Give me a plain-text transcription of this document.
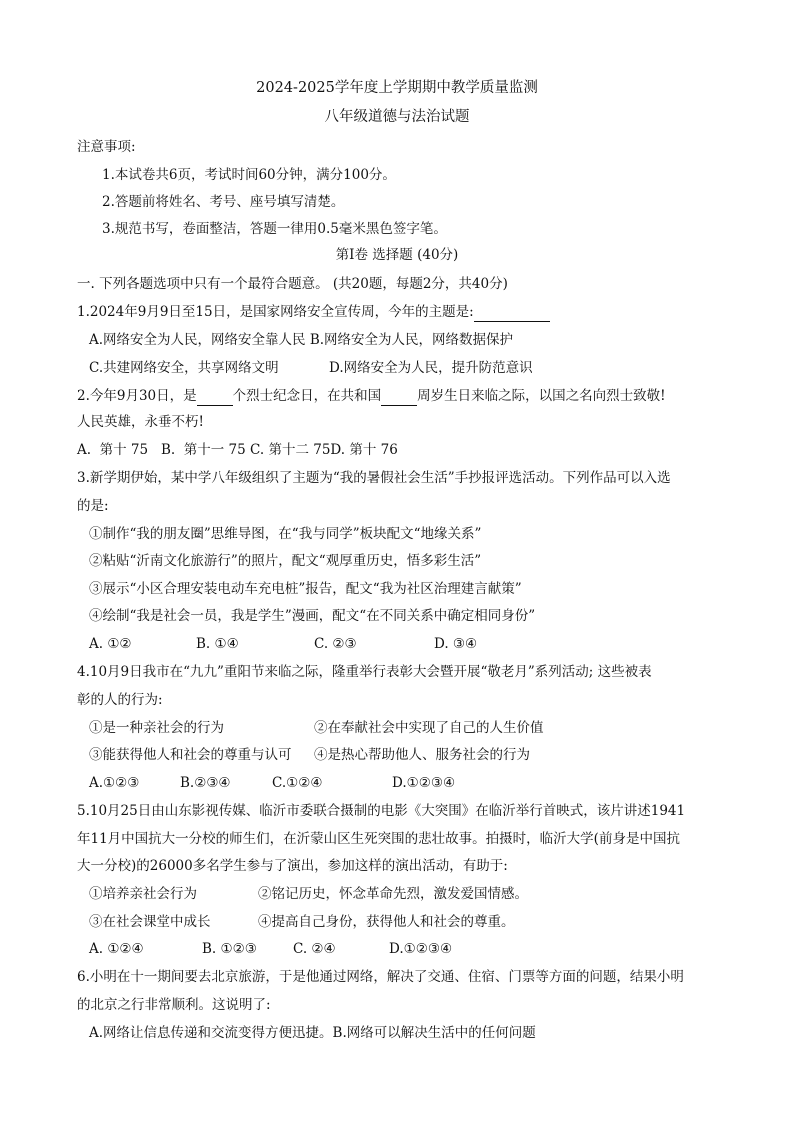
2024-2025学年度上学期期中教学质量监测
八年级道德与法治试题
注意事项:
1.本试卷共6页，考试时间60分钟，满分100分。
2.答题前将姓名、考号、座号填写清楚。
3.规范书写，卷面整洁，答题一律用0.5毫米黑色签字笔。
第Ⅰ卷 选择题 (40分)
一. 下列各题选项中只有一个最符合题意。 (共20题，每题2分，共40分)
1.2024年9月9日至15日，是国家网络安全宣传周，今年的主题是:
A.网络安全为人民，网络安全靠人民 B.网络安全为人民，网络数据保护
C.共建网络安全，共享网络文明	D.网络安全为人民，提升防范意识
2.今年9月30日，是	个烈士纪念日，在共和国	周岁生日来临之际，以国之名向烈士致敬!
人民英雄，永垂不朽!
A.  第十 75   B.  第十一 75 C. 第十二 75D. 第十 76
3.新学期伊始，某中学八年级组织了主题为“我的暑假社会生活”手抄报评选活动。下列作品可以入选
的是:
①制作“我的朋友圈”思维导图，在“我与同学”板块配文“地缘关系”
②粘贴“沂南文化旅游行”的照片，配文“观厚重历史，悟多彩生活”
③展示“小区合理安装电动车充电桩”报告，配文“我为社区治理建言献策”
④绘制“我是社会一员，我是学生”漫画，配文“在不同关系中确定相同身份”
A. ①②	B. ①④	C. ②③	D. ③④
4.10月9日我市在“九九”重阳节来临之际，隆重举行表彰大会暨开展“敬老月”系列活动; 这些被表
彰的人的行为:
①是一种亲社会的行为	②在奉献社会中实现了自己的人生价值
③能获得他人和社会的尊重与认可 ④是热心帮助他人、服务社会的行为
A.①②③	B.②③④	C.①②④	D.①②③④
5.10月25日由山东影视传媒、临沂市委联合摄制的电影《大突围》在临沂举行首映式，该片讲述1941
年11月中国抗大一分校的师生们，在沂蒙山区生死突围的悲壮故事。拍摄时，临沂大学(前身是中国抗
大一分校)的26000多名学生参与了演出，参加这样的演出活动，有助于:
①培养亲社会行为	②铭记历史，怀念革命先烈，激发爱国情感。
③在社会课堂中成长	④提高自己身份，获得他人和社会的尊重。
A. ①②④	B. ①②③	C. ②④	D.①②③④
6.小明在十一期间要去北京旅游，于是他通过网络，解决了交通、住宿、门票等方面的问题，结果小明
的北京之行非常顺利。这说明了:
A.网络让信息传递和交流变得方便迅捷。B.网络可以解决生活中的任何问题
